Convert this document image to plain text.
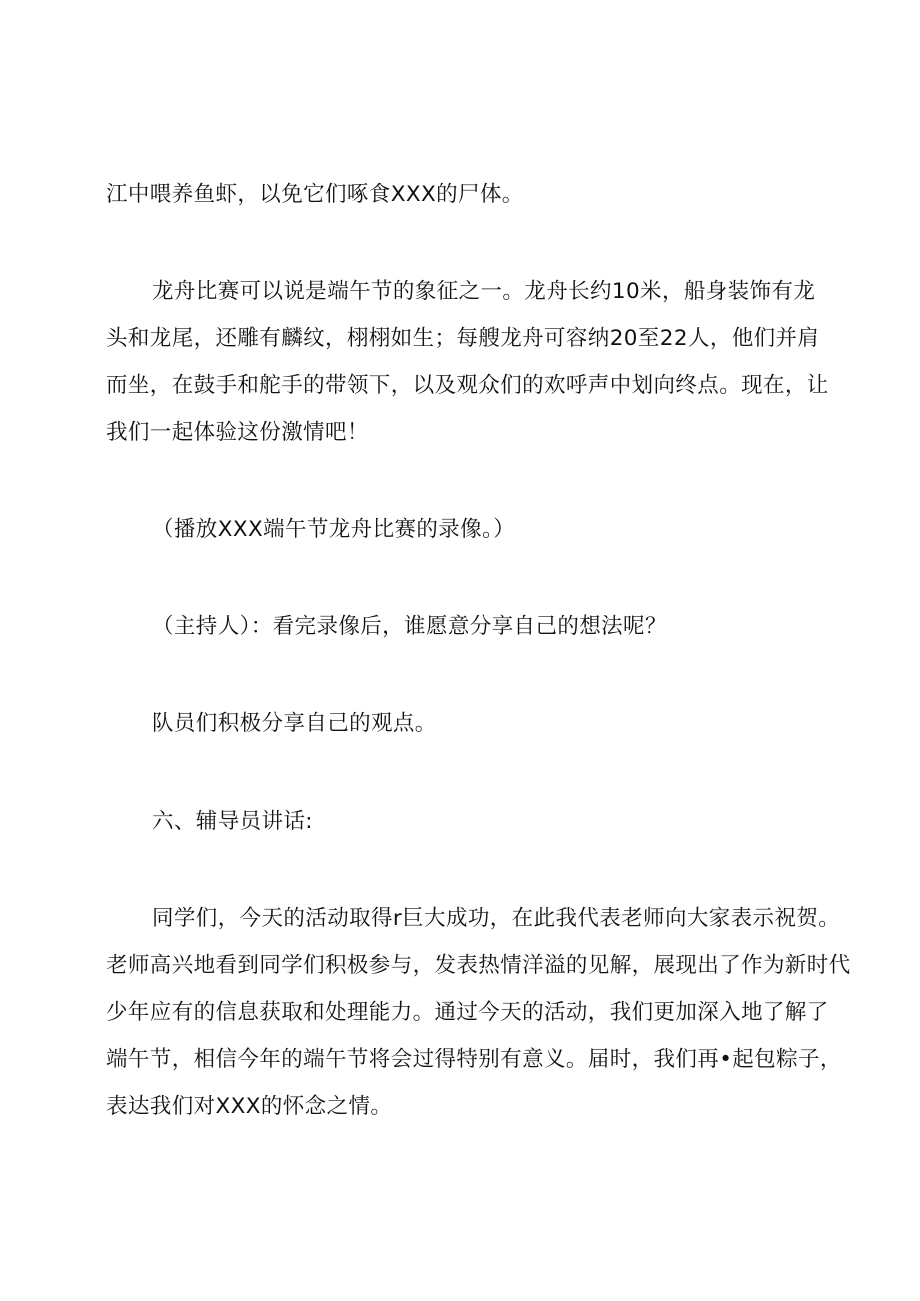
江中喂养鱼虾，以免它们啄食XXX的尸体。
龙舟比赛可以说是端午节的象征之一。龙舟长约10米，船身装饰有龙
头和龙尾，还雕有麟纹，栩栩如生；每艘龙舟可容纳20至22人，他们并肩
而坐，在鼓手和舵手的带领下，以及观众们的欢呼声中划向终点。现在，让
我们一起体验这份激情吧！
（播放XXX端午节龙舟比赛的录像。）
（主持人）：看完录像后，谁愿意分享自己的想法呢？
队员们积极分享自己的观点。
六、辅导员讲话:
同学们，今天的活动取得r巨大成功，在此我代表老师向大家表示祝贺。
老师高兴地看到同学们积极参与，发表热情洋溢的见解，展现出了作为新时代
少年应有的信息获取和处理能力。通过今天的活动，我们更加深入地了解了
端午节，相信今年的端午节将会过得特别有意义。届时，我们再•起包粽子，
表达我们对XXX的怀念之情。
